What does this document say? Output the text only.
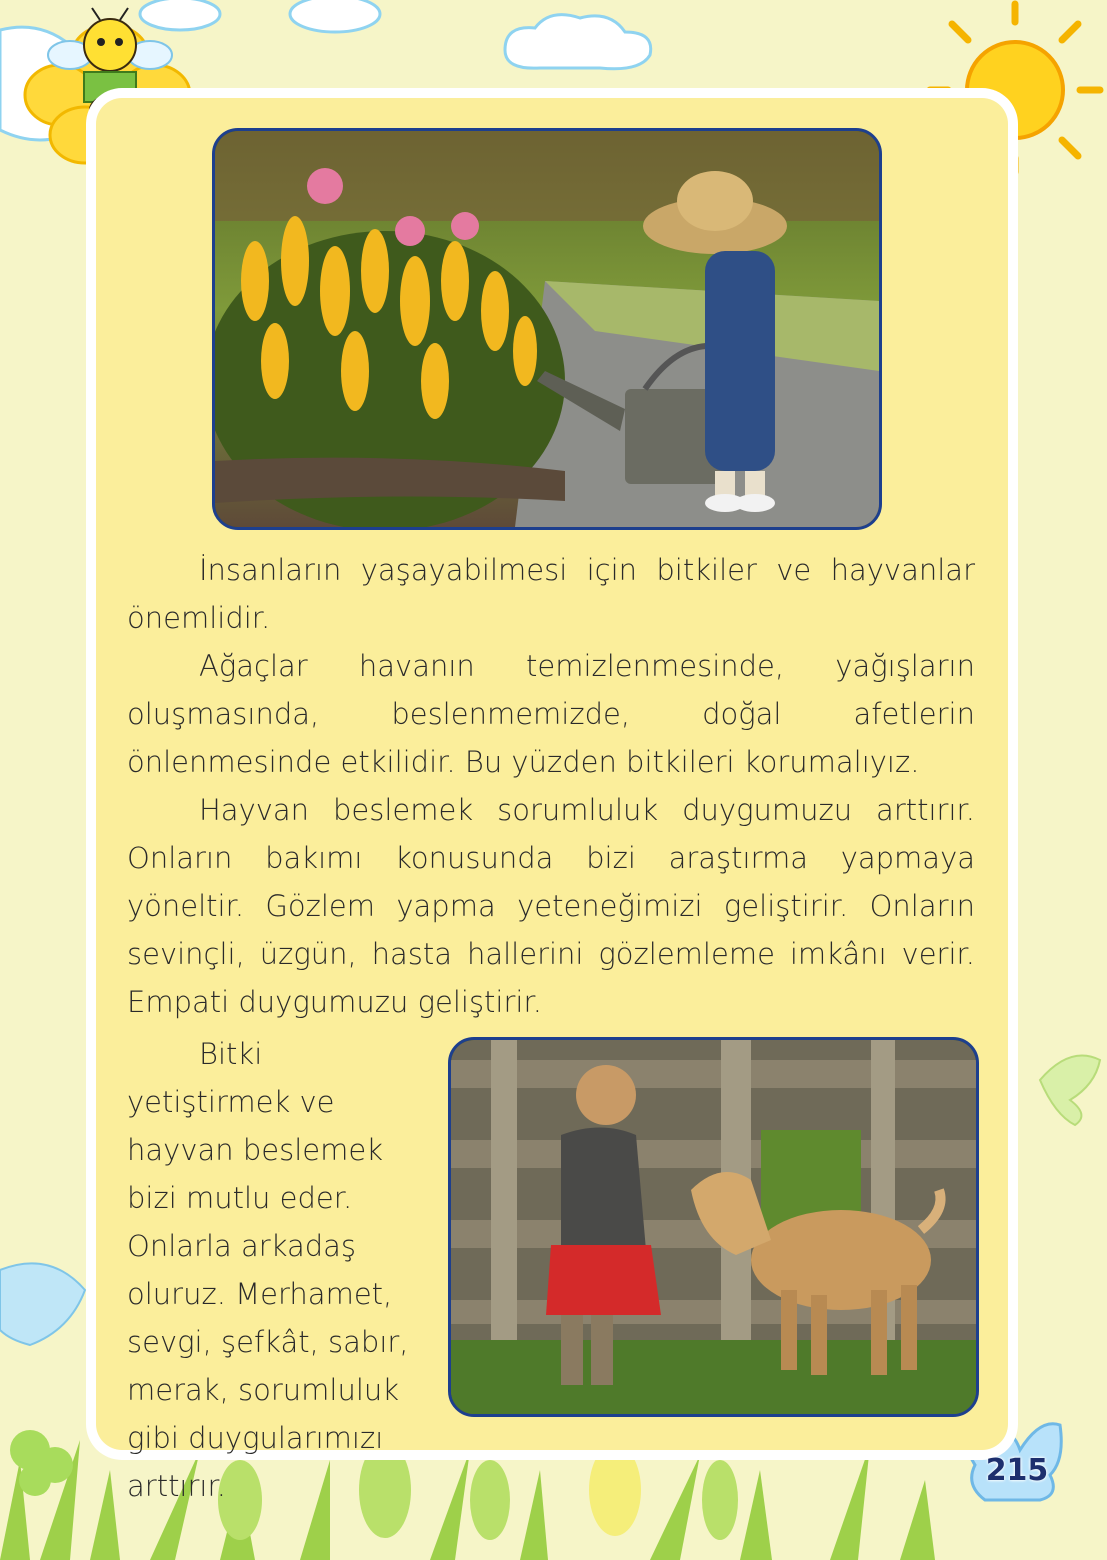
İnsanların yaşayabilmesi için bitkiler ve hayvanlar önemlidir.

Ağaçlar havanın temizlenmesinde, yağışların oluşmasında, beslenmemizde, doğal afetlerin önlenmesinde etkilidir. Bu yüzden bitkileri korumalıyız.

Hayvan beslemek sorumluluk duygumuzu arttırır. Onların bakımı konusunda bizi araştırma yapmaya yöneltir. Gözlem yapma yeteneğimizi geliştirir. Onların sevinçli, üzgün, hasta hallerini gözlemleme imkânı verir. Empati duygumuzu geliştirir.

Bitki yetiştirmek ve hayvan beslemek bizi mutlu eder. Onlarla arkadaş oluruz. Merhamet, sevgi, şefkât, sabır, merak, sorumluluk gibi duygularımızı arttırır.	215
